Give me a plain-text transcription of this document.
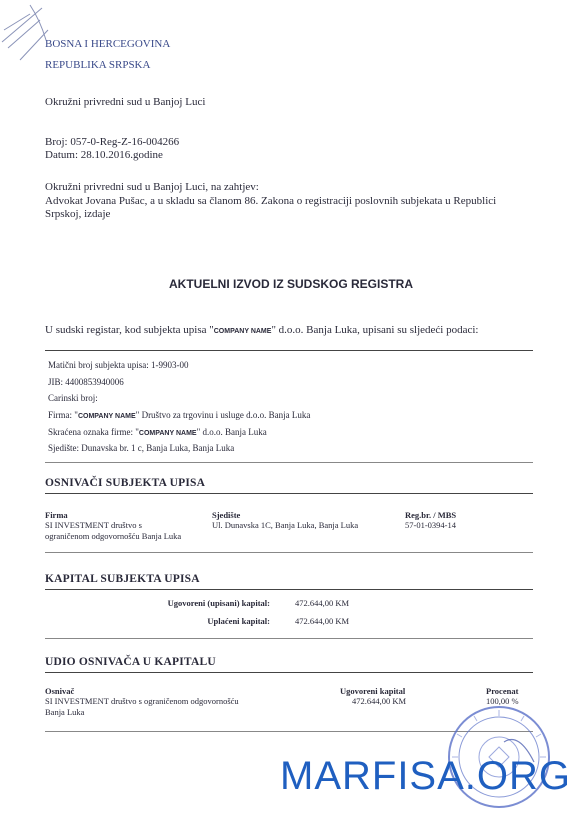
BOSNA I HERCEGOVINA
REPUBLIKA SRPSKA
Okružni privredni sud u Banjoj Luci
Broj: 057-0-Reg-Z-16-004266
Datum: 28.10.2016.godine
Okružni privredni sud u Banjoj Luci, na zahtjev:
Advokat Jovana Pušac, a u skladu sa članom 86. Zakona o registraciji poslovnih subjekata u Republici
Srpskoj, izdaje
AKTUELNI IZVOD IZ SUDSKOG REGISTRA
U sudski registar, kod subjekta upisa "COMPANY NAME" d.o.o. Banja Luka, upisani su sljedeći podaci:
Matični broj subjekta upisa: 1-9903-00
JIB: 4400853940006
Carinski broj:
Firma: "COMPANY NAME" Društvo za trgovinu i usluge d.o.o. Banja Luka
Skraćena oznaka firme: "COMPANY NAME" d.o.o. Banja Luka
Sjedište: Dunavska br. 1 c, Banja Luka, Banja Luka
OSNIVAČI SUBJEKTA UPISA
Firma	Sjedište	Reg.br. / MBS
SI INVESTMENT društvo s
ograničenom odgovornošću Banja Luka
Ul. Dunavska 1C, Banja Luka, Banja Luka	57-01-0394-14
KAPITAL SUBJEKTA UPISA
Ugovoreni (upisani) kapital:	472.644,00 KM
Uplaćeni kapital:	472.644,00 KM
UDIO OSNIVAČA U KAPITALU
Osnivač	Ugovoreni kapital	Procenat
SI INVESTMENT društvo s ograničenom odgovornošću
Banja Luka
472.644,00 KM	100,00 %
MARFISA.ORG
